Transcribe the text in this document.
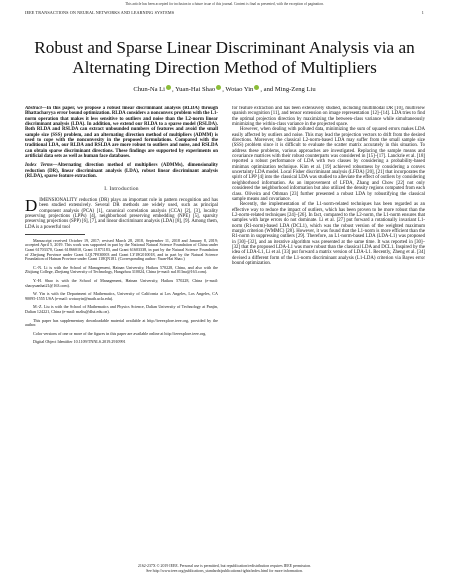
This article has been accepted for inclusion in a future issue of this journal. Content is final as presented, with the exception of pagination.
IEEE TRANSACTIONS ON NEURAL NETWORKS AND LEARNING SYSTEMS	1
Robust and Sparse Linear Discriminant Analysis via an Alternating Direction Method of Multipliers
Chun-Na Li , Yuan-Hai Shao , Wotao Yin , and Ming-Zeng Liu

Abstract—In this paper, we propose a robust linear discriminant analysis (RLDA) through Bhattacharyya error bound optimization. RLDA considers a nonconvex problem with the L1-norm operation that makes it less sensitive to outliers and noise than the L2-norm linear discriminant analysis (LDA). In addition, we extend our RLDA to a sparse model (RSLDA). Both RLDA and RSLDA can extract unbounded numbers of features and avoid the small sample size (SSS) problem, and an alternating direction method of multipliers (ADMM) is used to cope with the nonconvexity in the proposed formulations. Compared with the traditional LDA, our RLDA and RSLDA are more robust to outliers and noise, and RSLDA can obtain sparse discriminant directions. These findings are supported by experiments on artificial data sets as well as human face databases.

Index Terms—Alternating direction method of multipliers (ADMMs), dimensionality reduction (DR), linear discriminant analysis (LDA), robust linear discriminant analysis (RLDA), sparse feature extraction.

I. Introduction

DIMENSIONALITY reduction (DR) plays an important role in pattern recognition and has been studied extensively. Several DR methods are widely used, such as principal component analysis (PCA) [1], canonical correlation analysis (CCA) [2], [3], locality preserving projections (LPPs) [4], neighborhood preserving embedding (NPE) [5], sparsity preserving projections (SPP) [6], [7], and linear discriminant analysis (LDA) [8], [9]. Among them, LDA is a powerful tool

Manuscript received October 19, 2017; revised March 28, 2018, September 11, 2018 and January 8, 2019; accepted April 5, 2019. This work was supported in part by the National Natural Science Foundation of China under Grant 61703370, Grant 61866010, Grant 11871183, and Grant 61603338, in part by the Natural Science Foundation of Zhejiang Province under Grant LQ17F030003 and Grant LY18G010018, and in part by the Natural Science Foundation of Hainan Province under Grant 118QN181. (Corresponding author: Yuan-Hai Shao.)

C.-N. Li is with the School of Management, Hainan University, Haikou 570228, China, and also with the Zhijiang College, Zhejiang University of Technology, Hangzhou 310024, China (e-mail: na1013na@163.com).

Y.-H. Shao is with the School of Management, Hainan University, Haikou 570228, China (e-mail: shaoyuanhai21@163.com).

W. Yin is with the Department of Mathematics, University of California at Los Angeles, Los Angeles, CA 90095-1555 USA (e-mail: wotaoyin@math.ucla.edu).

M.-Z. Liu is with the School of Mathematics and Physics Science, Dalian University of Technology at Panjin, Dalian 124221, China (e-mail: mzliu@dlut.edu.cn).

This paper has supplementary downloadable material available at http://ieeexplore.ieee.org, provided by the author.

Color versions of one or more of the figures in this paper are available online at http://ieeexplore.ieee.org.

Digital Object Identifier 10.1109/TNNLS.2019.2910991

for feature extraction and has been extensively studied, including multimodal DR [10], multiview spanish recognition [11], and tensor extension on image representation [12]–[14]. LDA tries to find the optimal projection direction by maximizing the between-class variance while simultaneously minimizing the within-class variance in the projected space.

However, when dealing with polluted data, minimizing the sum of squared errors makes LDA easily affected by outliers and noise. This may lead the projection vectors to drift from the desired directions. Moreover, the classical L2-norm-based LDA may suffer from the small sample size (SSS) problem since it is difficult to evaluate the scatter matrix accurately in this situation. To address these problems, various approaches are investigated. Replacing the sample means and covariance matrices with their robust counterparts was considered in [15]–[17]. Lanckrie et al. [18] reported a robust performance of LDA with two classes by considering a probability-based minimax optimization technique. Kim et al. [19] achieved robustness by considering a convex uncertainty LDA model. Local Fisher discriminant analysis (LFDA) [20], [21] that incorporates the spirit of LPP [4] into the classical LDA was studied to alleviate the effect of outliers by considering neighborhood information. As an improvement of LFDA, Zhang and Chow [22] not only considered the neighborhood information but also utilized the density regions computed from each class. Oliveira and Othman [23] further presented a robust LDA by robustifying the classical sample means and covariance.

Recently, the implementation of the L1-norm-related techniques has been regarded as an effective way to reduce the impact of outliers, which has been proven to be more robust than the L2-norm-related techniques [24]–[26]. In fact, compared to the L2-norm, the L1-norm ensures that samples with large errors do not dominate. Li et al. [27] put forward a rotationally invariant L1-norm (R1-norm)-based LDA (DCL1), which was the robust version of the weighted maximum margin criterion (WMMC) [28]. However, it was found that the L1-norm is more efficient than the R1-norm in suppressing outliers [29]. Therefore, an L1-norm-based LDA (LDA-L1) was proposed in [30]–[32], and an iterative algorithm was presented at the same time. It was reported in [30]–[32] that the proposed LDA-L1 was more robust than the classical LDA and DCL1. Inspired by the idea of LDA-L1, Li et al. [33] put forward a matrix version of LDA-L1. Recently, Zheng et al. [34] devised a different form of the L1-norm discriminant analysis (L1-LDA) criterion via Bayes error bound optimization.

2162-237X © 2019 IEEE. Personal use is permitted, but republication/redistribution requires IEEE permission.
See http://www.ieee.org/publications_standards/publications/rights/index.html for more information.
